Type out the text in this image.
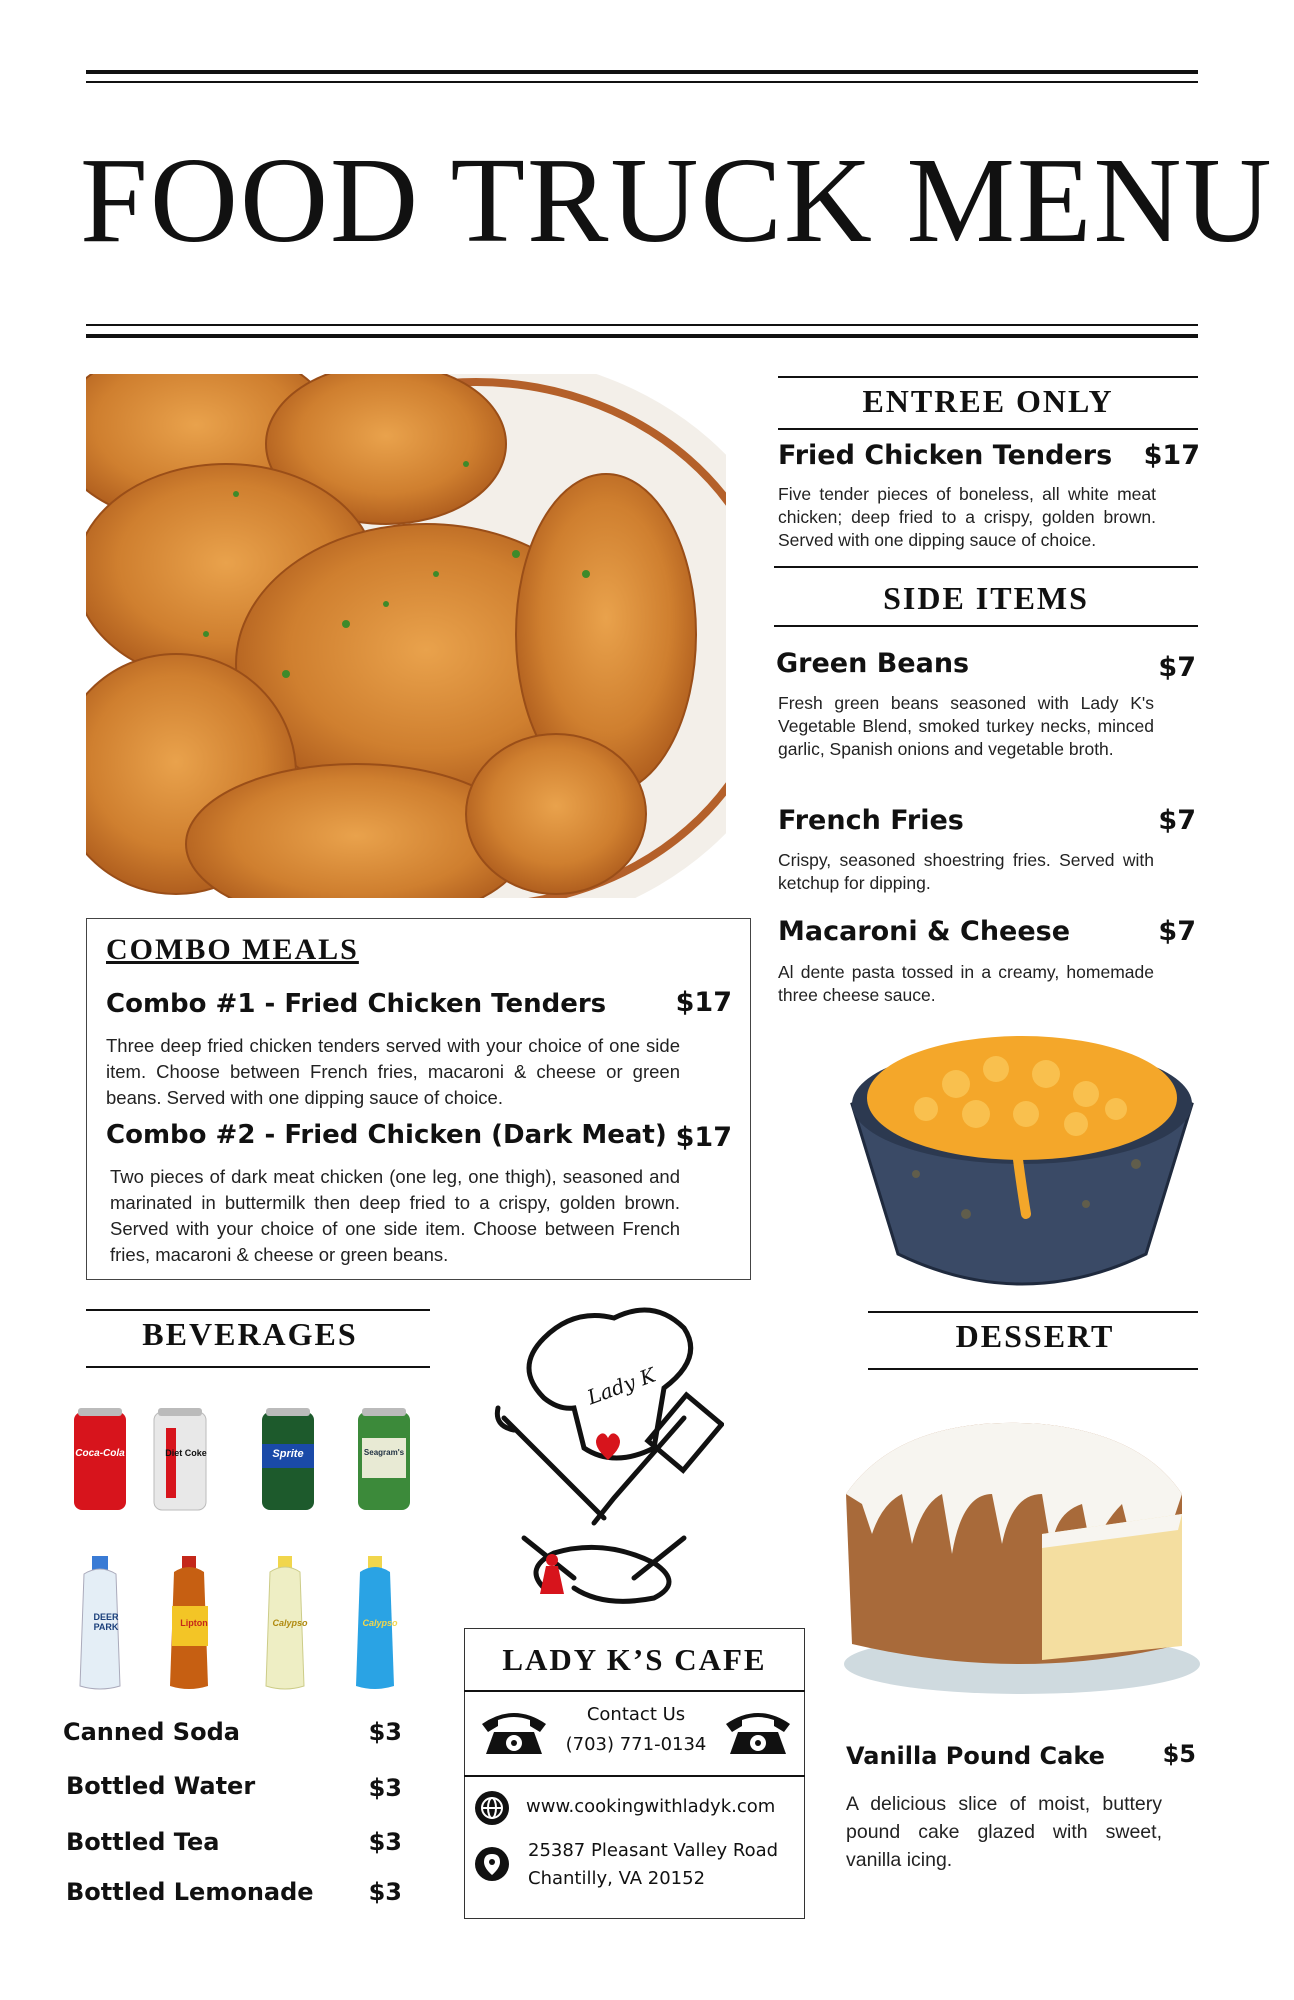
FOOD TRUCK MENU
ENTREE ONLY
Fried Chicken Tenders	$17
Five tender pieces of boneless, all white meat chicken; deep fried to a crispy, golden brown. Served with one dipping sauce of choice.
SIDE ITEMS
Green Beans	$7
Fresh green beans seasoned with Lady K's Vegetable Blend, smoked turkey necks, minced garlic, Spanish onions and vegetable broth.
French Fries	$7
Crispy, seasoned shoestring fries. Served with ketchup for dipping.
Macaroni & Cheese	$7
Al dente pasta tossed in a creamy, homemade three cheese sauce.
COMBO MEALS
Combo #1 - Fried Chicken Tenders	$17
Three deep fried chicken tenders served with your choice of one side item. Choose between French fries, macaroni & cheese or green beans. Served with one dipping sauce of choice.
Combo #2 - Fried Chicken (Dark Meat) $17
Two pieces of dark meat chicken (one leg, one thigh), seasoned and marinated in buttermilk then deep fried to a crispy, golden brown. Served with your choice of one side item. Choose between French fries, macaroni & cheese or green beans.
BEVERAGES
Coca-Cola	Diet Coke	Sprite	Seagram's
DEER PARK	Lipton	Calypso	Calypso
Canned Soda	$3
Bottled Water	$3
Bottled Tea	$3
Bottled Lemonade	$3
Lady K
LADY K’S CAFE
Contact Us
(703) 771-0134
www.cookingwithladyk.com
25387 Pleasant Valley Road
Chantilly, VA 20152
DESSERT
Vanilla Pound Cake	$5
A delicious slice of moist, buttery pound cake glazed with sweet, vanilla icing.
